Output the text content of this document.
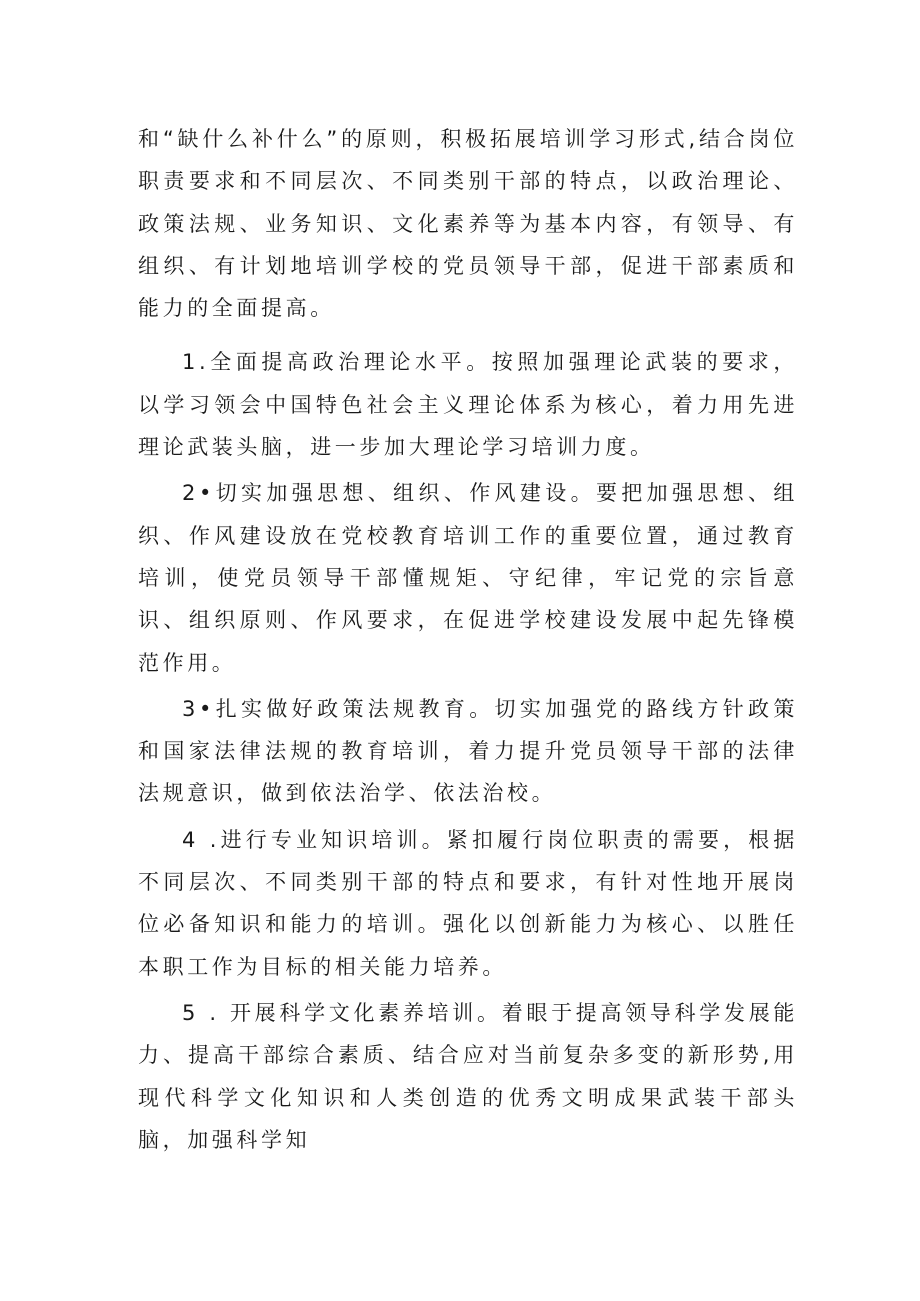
和“缺什么补什么”的原则，积极拓展培训学习形式,结合岗位职责要求和不同层次、不同类别干部的特点，以政治理论、政策法规、业务知识、文化素养等为基本内容，有领导、有组织、有计划地培训学校的党员领导干部，促进干部素质和能力的全面提高。

1.全面提高政治理论水平。按照加强理论武装的要求，以学习领会中国特色社会主义理论体系为核心，着力用先进理论武装头脑，进一步加大理论学习培训力度。

2•切实加强思想、组织、作风建设。要把加强思想、组织、作风建设放在党校教育培训工作的重要位置，通过教育培训，使党员领导干部懂规矩、守纪律，牢记党的宗旨意识、组织原则、作风要求，在促进学校建设发展中起先锋模范作用。

3•扎实做好政策法规教育。切实加强党的路线方针政策和国家法律法规的教育培训，着力提升党员领导干部的法律法规意识，做到依法治学、依法治校。

4 .进行专业知识培训。紧扣履行岗位职责的需要，根据不同层次、不同类别干部的特点和要求，有针对性地开展岗位必备知识和能力的培训。强化以创新能力为核心、以胜任本职工作为目标的相关能力培养。

5 . 开展科学文化素养培训。着眼于提高领导科学发展能力、提高干部综合素质、结合应对当前复杂多变的新形势,用现代科学文化知识和人类创造的优秀文明成果武装干部头脑，加强科学知
